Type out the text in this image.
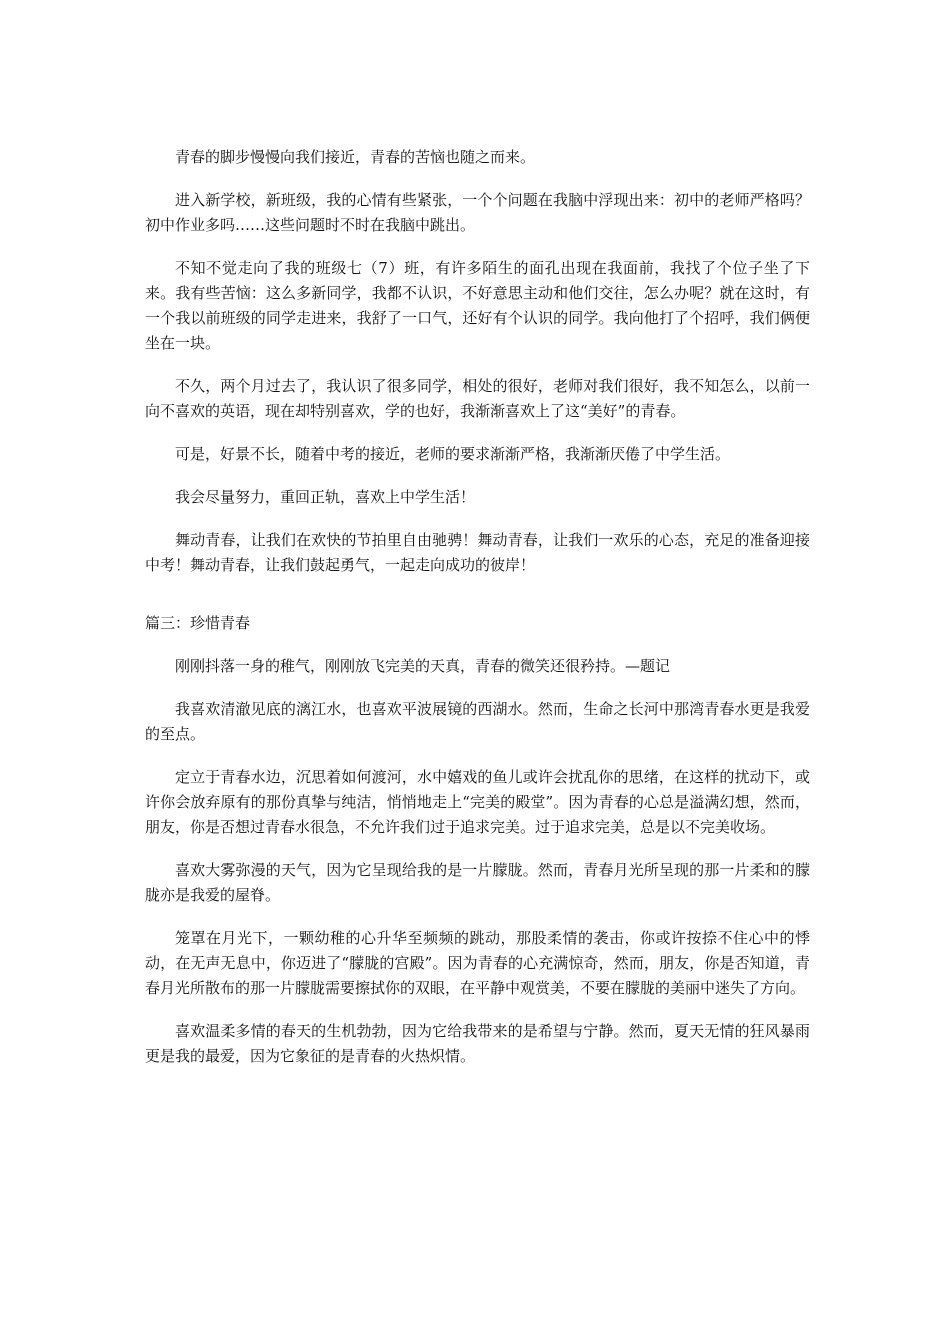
青春的脚步慢慢向我们接近，青春的苦恼也随之而来。

进入新学校，新班级，我的心情有些紧张，一个个问题在我脑中浮现出来：初中的老师严格吗？初中作业多吗……这些问题时不时在我脑中跳出。

不知不觉走向了我的班级七（7）班，有许多陌生的面孔出现在我面前，我找了个位子坐了下来。我有些苦恼：这么多新同学，我都不认识，不好意思主动和他们交往，怎么办呢？就在这时，有一个我以前班级的同学走进来，我舒了一口气，还好有个认识的同学。我向他打了个招呼，我们俩便坐在一块。

不久，两个月过去了，我认识了很多同学，相处的很好，老师对我们很好，我不知怎么，以前一向不喜欢的英语，现在却特别喜欢，学的也好，我渐渐喜欢上了这“美好”的青春。

可是，好景不长，随着中考的接近，老师的要求渐渐严格，我渐渐厌倦了中学生活。

我会尽量努力，重回正轨，喜欢上中学生活！

舞动青春，让我们在欢快的节拍里自由驰骋！舞动青春，让我们一欢乐的心态，充足的准备迎接中考！舞动青春，让我们鼓起勇气，一起走向成功的彼岸！

篇三：珍惜青春

刚刚抖落一身的稚气，刚刚放飞完美的天真，青春的微笑还很矜持。—题记

我喜欢清澈见底的漓江水，也喜欢平波展镜的西湖水。然而，生命之长河中那湾青春水更是我爱的至点。

定立于青春水边，沉思着如何渡河，水中嬉戏的鱼儿或许会扰乱你的思绪，在这样的扰动下，或许你会放弃原有的那份真挚与纯洁，悄悄地走上“完美的殿堂”。因为青春的心总是溢满幻想，然而，朋友，你是否想过青春水很急，不允许我们过于追求完美。过于追求完美，总是以不完美收场。

喜欢大雾弥漫的天气，因为它呈现给我的是一片朦胧。然而，青春月光所呈现的那一片柔和的朦胧亦是我爱的屋脊。

笼罩在月光下，一颗幼稚的心升华至频频的跳动，那股柔情的袭击，你或许按捺不住心中的悸动，在无声无息中，你迈进了“朦胧的宫殿”。因为青春的心充满惊奇，然而，朋友，你是否知道，青春月光所散布的那一片朦胧需要擦拭你的双眼，在平静中观赏美，不要在朦胧的美丽中迷失了方向。

喜欢温柔多情的春天的生机勃勃，因为它给我带来的是希望与宁静。然而，夏天无情的狂风暴雨更是我的最爱，因为它象征的是青春的火热炽情。
